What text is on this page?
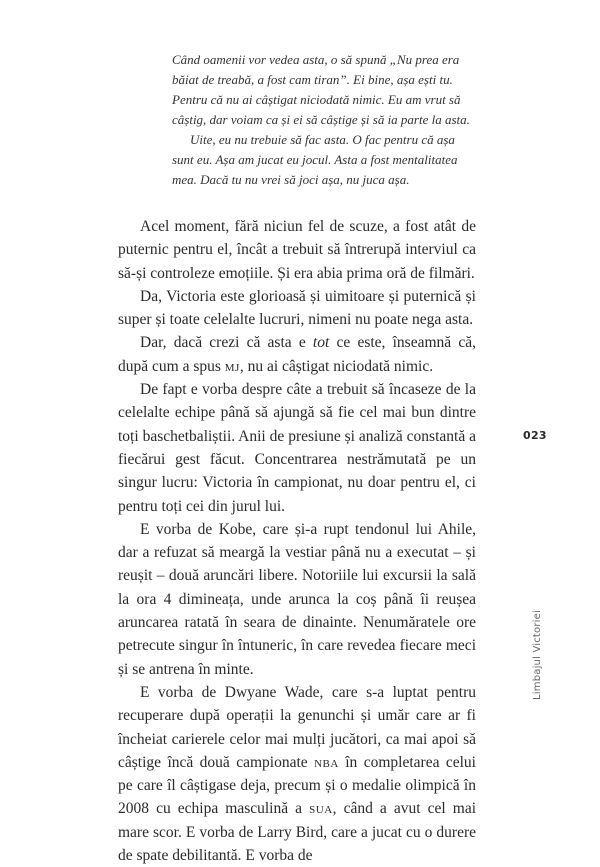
Când oamenii vor vedea asta, o să spună „Nu prea era băiat de treabă, a fost cam tiran”. Ei bine, așa ești tu. Pentru că nu ai câștigat niciodată nimic. Eu am vrut să câștig, dar voiam ca și ei să câștige și să ia parte la asta.

Uite, eu nu trebuie să fac asta. O fac pentru că așa sunt eu. Așa am jucat eu jocul. Asta a fost mentalitatea mea. Dacă tu nu vrei să joci așa, nu juca așa.

Acel moment, fără niciun fel de scuze, a fost atât de puternic pentru el, încât a trebuit să întrerupă interviul ca să-și controleze emoțiile. Și era abia prima oră de filmări.

Da, Victoria este glorioasă și uimitoare și puternică și super și toate celelalte lucruri, nimeni nu poate nega asta.

Dar, dacă crezi că asta e tot ce este, înseamnă că, după cum a spus mj, nu ai câștigat niciodată nimic.

De fapt e vorba despre câte a trebuit să încaseze de la celelalte echipe până să ajungă să fie cel mai bun dintre toți baschetbaliștii. Anii de presiune și analiză constantă a fiecărui gest făcut. Concentrarea nestrămutată pe un singur lucru: Victoria în campionat, nu doar pentru el, ci pentru toți cei din jurul lui.

E vorba de Kobe, care și-a rupt tendonul lui Ahile, dar a refuzat să meargă la vestiar până nu a executat – și reușit – două aruncări libere. Notoriile lui excursii la sală la ora 4 dimineața, unde arunca la coș până îi reușea aruncarea ratată în seara de dinainte. Nenumăratele ore petrecute singur în întuneric, în care revedea fiecare meci și se antrena în minte.

E vorba de Dwyane Wade, care s-a luptat pentru recuperare după operații la genunchi și umăr care ar fi încheiat carierele celor mai mulți jucători, ca mai apoi să câștige încă două campionate nba în completarea celui pe care îl câștigase deja, precum și o medalie olimpică în 2008 cu echipa masculină a sua, când a avut cel mai mare scor. E vorba de Larry Bird, care a jucat cu o durere de spate debilitantă. E vorba de

023
Limbajul Victoriei
